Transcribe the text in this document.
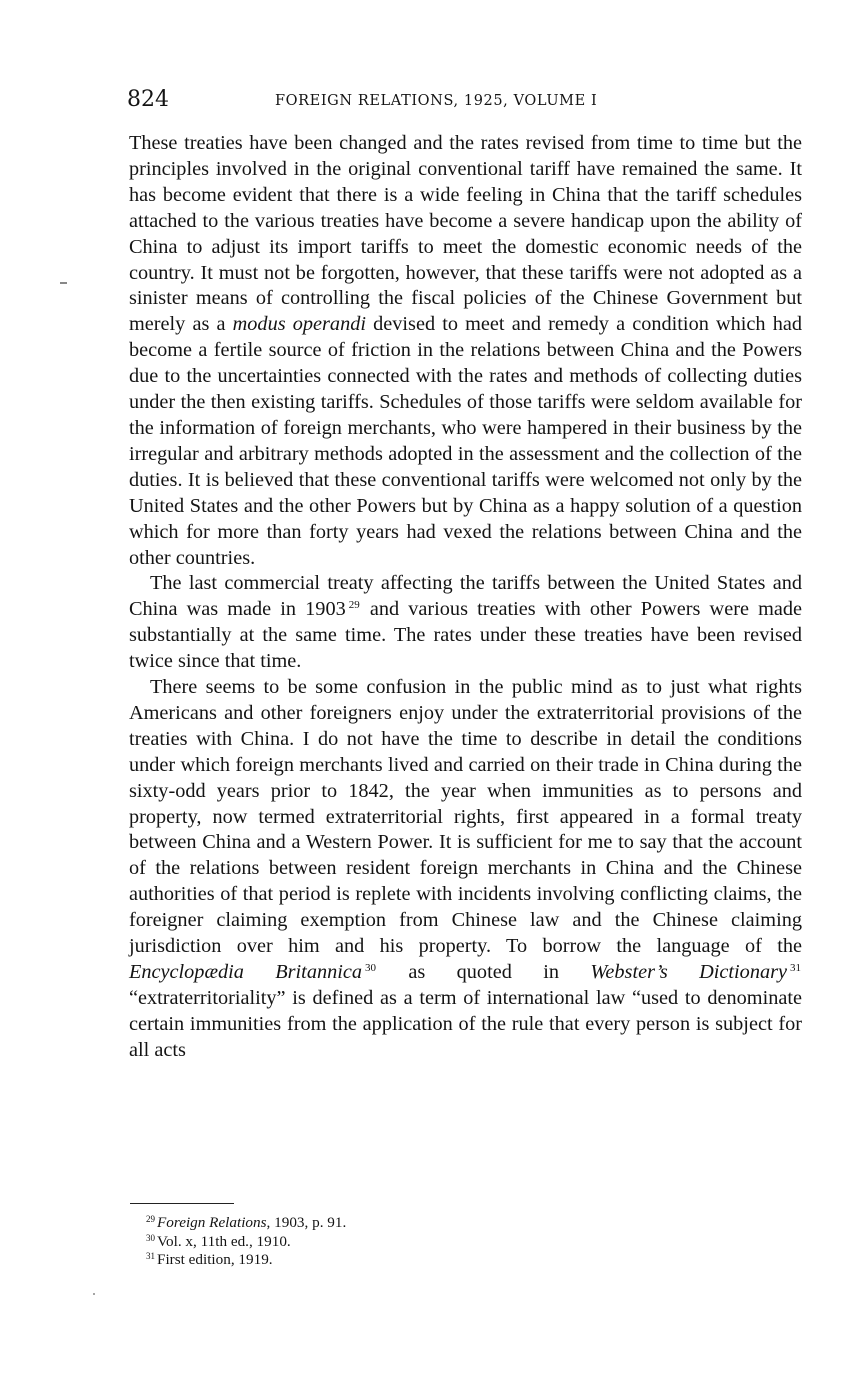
824	FOREIGN RELATIONS, 1925, VOLUME I

These treaties have been changed and the rates revised from time to time but the principles involved in the original conventional tariff have remained the same. It has become evident that there is a wide feeling in China that the tariff schedules attached to the various treaties have become a severe handicap upon the ability of China to adjust its import tariffs to meet the domestic economic needs of the country. It must not be forgotten, however, that these tariffs were not adopted as a sinister means of controlling the fiscal policies of the Chinese Government but merely as a modus operandi devised to meet and remedy a condition which had become a fertile source of friction in the relations between China and the Powers due to the uncertainties connected with the rates and methods of collecting duties under the then existing tariffs. Schedules of those tariffs were seldom available for the information of foreign merchants, who were hampered in their business by the irregular and arbitrary methods adopted in the assessment and the collection of the duties. It is believed that these conventional tariffs were welcomed not only by the United States and the other Powers but by China as a happy solution of a question which for more than forty years had vexed the relations between China and the other countries.

The last commercial treaty affecting the tariffs between the United States and China was made in 1903 $^{29}$ and various treaties with other Powers were made substantially at the same time. The rates under these treaties have been revised twice since that time.

There seems to be some confusion in the public mind as to just what rights Americans and other foreigners enjoy under the extraterritorial provisions of the treaties with China. I do not have the time to describe in detail the conditions under which foreign merchants lived and carried on their trade in China during the sixty-odd years prior to 1842, the year when immunities as to persons and property, now termed extraterritorial rights, first appeared in a formal treaty between China and a Western Power. It is sufficient for me to say that the account of the relations between resident foreign merchants in China and the Chinese authorities of that period is replete with incidents involving conflicting claims, the foreigner claiming exemption from Chinese law and the Chinese claiming jurisdiction over him and his property. To borrow the language of the Encyclopædia Britannica $^{30}$ as quoted in Webster’s Dictionary $^{31}$ “extraterritoriality” is defined as a term of international law “used to denominate certain immunities from the application of the rule that every person is subject for all acts

$^{29}$ Foreign Relations, 1903, p. 91.
$^{30}$ Vol. x, 11th ed., 1910.
$^{31}$ First edition, 1919.
